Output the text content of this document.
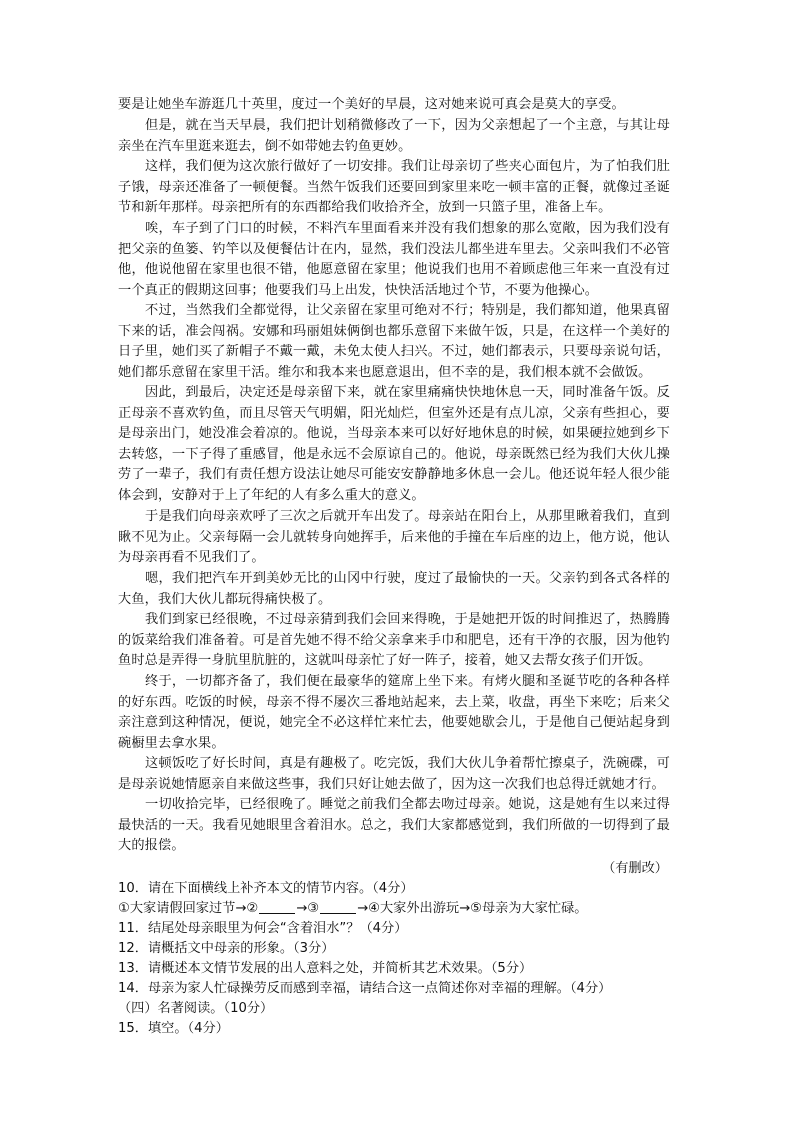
要是让她坐车游逛几十英里，度过一个美好的早晨，这对她来说可真会是莫大的享受。

但是，就在当天早晨，我们把计划稍微修改了一下，因为父亲想起了一个主意，与其让母亲坐在汽车里逛来逛去，倒不如带她去钓鱼更妙。

这样，我们便为这次旅行做好了一切安排。我们让母亲切了些夹心面包片，为了怕我们肚子饿，母亲还准备了一顿便餐。当然午饭我们还要回到家里来吃一顿丰富的正餐，就像过圣诞节和新年那样。母亲把所有的东西都给我们收拾齐全，放到一只篮子里，准备上车。

唉，车子到了门口的时候，不料汽车里面看来并没有我们想象的那么宽敞，因为我们没有把父亲的鱼篓、钓竿以及便餐估计在内，显然，我们没法儿都坐进车里去。父亲叫我们不必管他，他说他留在家里也很不错，他愿意留在家里；他说我们也用不着顾虑他三年来一直没有过一个真正的假期这回事；他要我们马上出发，快快活活地过个节，不要为他操心。

不过，当然我们全都觉得，让父亲留在家里可绝对不行；特别是，我们都知道，他果真留下来的话，准会闯祸。安娜和玛丽姐妹俩倒也都乐意留下来做午饭，只是，在这样一个美好的日子里，她们买了新帽子不戴一戴，未免太使人扫兴。不过，她们都表示，只要母亲说句话，她们都乐意留在家里干活。维尔和我本来也愿意退出，但不幸的是，我们根本就不会做饭。

因此，到最后，决定还是母亲留下来，就在家里痛痛快快地休息一天，同时准备午饭。反正母亲不喜欢钓鱼，而且尽管天气明媚，阳光灿烂，但室外还是有点儿凉，父亲有些担心，要是母亲出门，她没准会着凉的。他说，当母亲本来可以好好地休息的时候，如果硬拉她到乡下去转悠，一下子得了重感冒，他是永远不会原谅自己的。他说，母亲既然已经为我们大伙儿操劳了一辈子，我们有责任想方设法让她尽可能安安静静地多休息一会儿。他还说年轻人很少能体会到，安静对于上了年纪的人有多么重大的意义。

于是我们向母亲欢呼了三次之后就开车出发了。母亲站在阳台上，从那里瞅着我们，直到瞅不见为止。父亲每隔一会儿就转身向她挥手，后来他的手撞在车后座的边上，他方说，他认为母亲再看不见我们了。

嗯，我们把汽车开到美妙无比的山冈中行驶，度过了最愉快的一天。父亲钓到各式各样的大鱼，我们大伙儿都玩得痛快极了。

我们到家已经很晚，不过母亲猜到我们会回来得晚，于是她把开饭的时间推迟了，热腾腾的饭菜给我们准备着。可是首先她不得不给父亲拿来手巾和肥皂，还有干净的衣服，因为他钓鱼时总是弄得一身肮里肮脏的，这就叫母亲忙了好一阵子，接着，她又去帮女孩子们开饭。

终于，一切都齐备了，我们便在最豪华的筵席上坐下来。有烤火腿和圣诞节吃的各种各样的好东西。吃饭的时候，母亲不得不屡次三番地站起来，去上菜，收盘，再坐下来吃；后来父亲注意到这种情况，便说，她完全不必这样忙来忙去，他要她歇会儿，于是他自己便站起身到碗橱里去拿水果。

这顿饭吃了好长时间，真是有趣极了。吃完饭，我们大伙儿争着帮忙擦桌子，洗碗碟，可是母亲说她情愿亲自来做这些事，我们只好让她去做了，因为这一次我们也总得迁就她才行。

一切收拾完毕，已经很晚了。睡觉之前我们全都去吻过母亲。她说，这是她有生以来过得最快活的一天。我看见她眼里含着泪水。总之，我们大家都感觉到，我们所做的一切得到了最大的报偿。

（有删改）

10．请在下面横线上补齐本文的情节内容。（4分）

①大家请假回家过节→②	→③	→④大家外出游玩→⑤母亲为大家忙碌。

11．结尾处母亲眼里为何会“含着泪水”？（4分）

12．请概括文中母亲的形象。（3分）

13．请概述本文情节发展的出人意料之处，并简析其艺术效果。（5分）

14．母亲为家人忙碌操劳反而感到幸福，请结合这一点简述你对幸福的理解。（4分）

（四）名著阅读。（10分）

15．填空。（4分）
